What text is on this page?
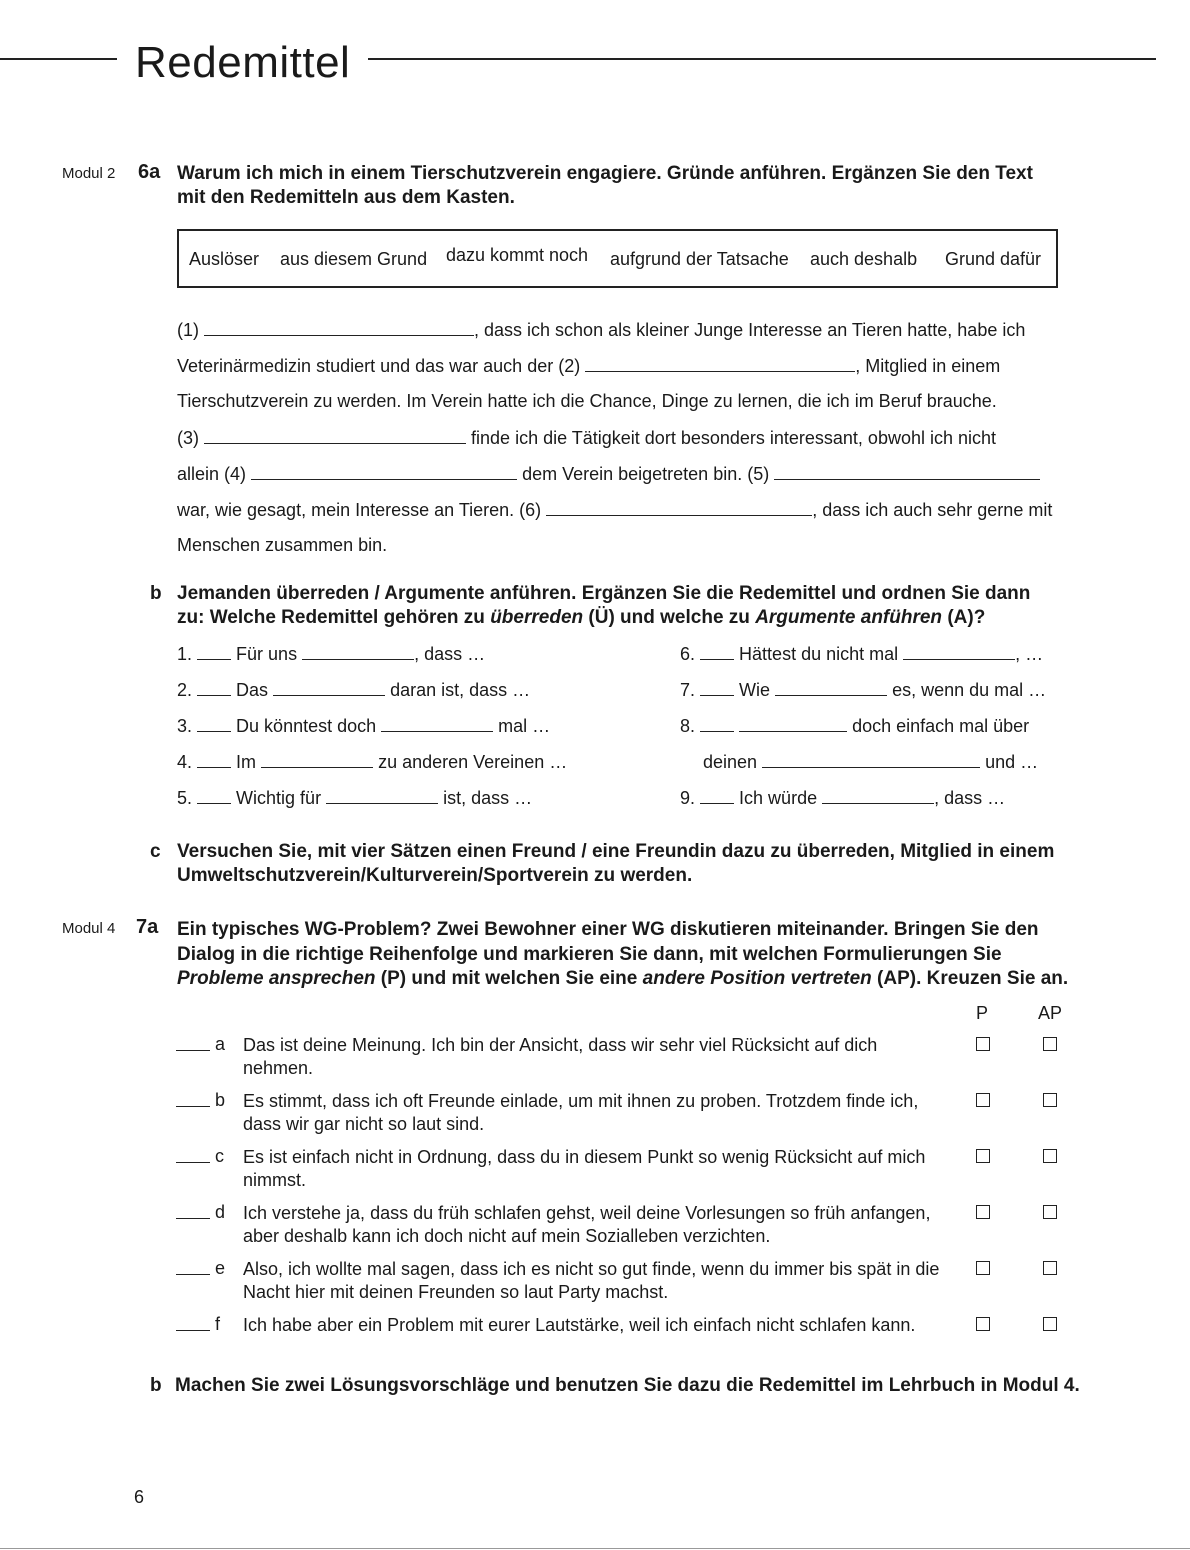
Redemittel
Modul 2 6a Warum ich mich in einem Tierschutzverein engagiere. Gründe anführen. Ergänzen Sie den Text
mit den Redemitteln aus dem Kasten.
Auslöser aus diesem Grund dazu kommt noch aufgrund der Tatsache auch deshalb Grund dafür
(1)	, dass ich schon als kleiner Junge Interesse an Tieren hatte, habe ich
Veterinärmedizin studiert und das war auch der (2)	, Mitglied in einem
Tierschutzverein zu werden. Im Verein hatte ich die Chance, Dinge zu lernen, die ich im Beruf brauche.
(3)	finde ich die Tätigkeit dort besonders interessant, obwohl ich nicht
allein (4)	dem Verein beigetreten bin. (5)
war, wie gesagt, mein Interesse an Tieren. (6)	, dass ich auch sehr gerne mit
Menschen zusammen bin.
b Jemanden überreden / Argumente anführen. Ergänzen Sie die Redemittel und ordnen Sie dann
zu: Welche Redemittel gehören zu überreden (Ü) und welche zu Argumente anführen (A)?
1. Für uns	, dass …
2. Das	daran ist, dass …
3. Du könntest doch	mal …
4. Im	zu anderen Vereinen …
5. Wichtig für	ist, dass …
6. Hättest du nicht mal	, …
7. Wie	es, wenn du mal …
8.	doch einfach mal über
deinen	und …
9. Ich würde	, dass …
c Versuchen Sie, mit vier Sätzen einen Freund / eine Freundin dazu zu überreden, Mitglied in einem
Umweltschutzverein/Kulturverein/Sportverein zu werden.
Modul 4 7a Ein typisches WG-Problem? Zwei Bewohner einer WG diskutieren miteinander. Bringen Sie den
Dialog in die richtige Reihenfolge und markieren Sie dann, mit welchen Formulierungen Sie
Probleme ansprechen (P) und mit welchen Sie eine andere Position vertreten (AP). Kreuzen Sie an.
P	AP
a Das ist deine Meinung. Ich bin der Ansicht, dass wir sehr viel Rücksicht auf dich nehmen.
b Es stimmt, dass ich oft Freunde einlade, um mit ihnen zu proben. Trotzdem finde ich, dass wir gar nicht so laut sind.
c Es ist einfach nicht in Ordnung, dass du in diesem Punkt so wenig Rücksicht auf mich nimmst.
d Ich verstehe ja, dass du früh schlafen gehst, weil deine Vorlesungen so früh anfangen, aber deshalb kann ich doch nicht auf mein Sozialleben verzichten.
e Also, ich wollte mal sagen, dass ich es nicht so gut finde, wenn du immer bis spät in die Nacht hier mit deinen Freunden so laut Party machst.
f Ich habe aber ein Problem mit eurer Lautstärke, weil ich einfach nicht schlafen kann.
b Machen Sie zwei Lösungsvorschläge und benutzen Sie dazu die Redemittel im Lehrbuch in Modul 4.
6
